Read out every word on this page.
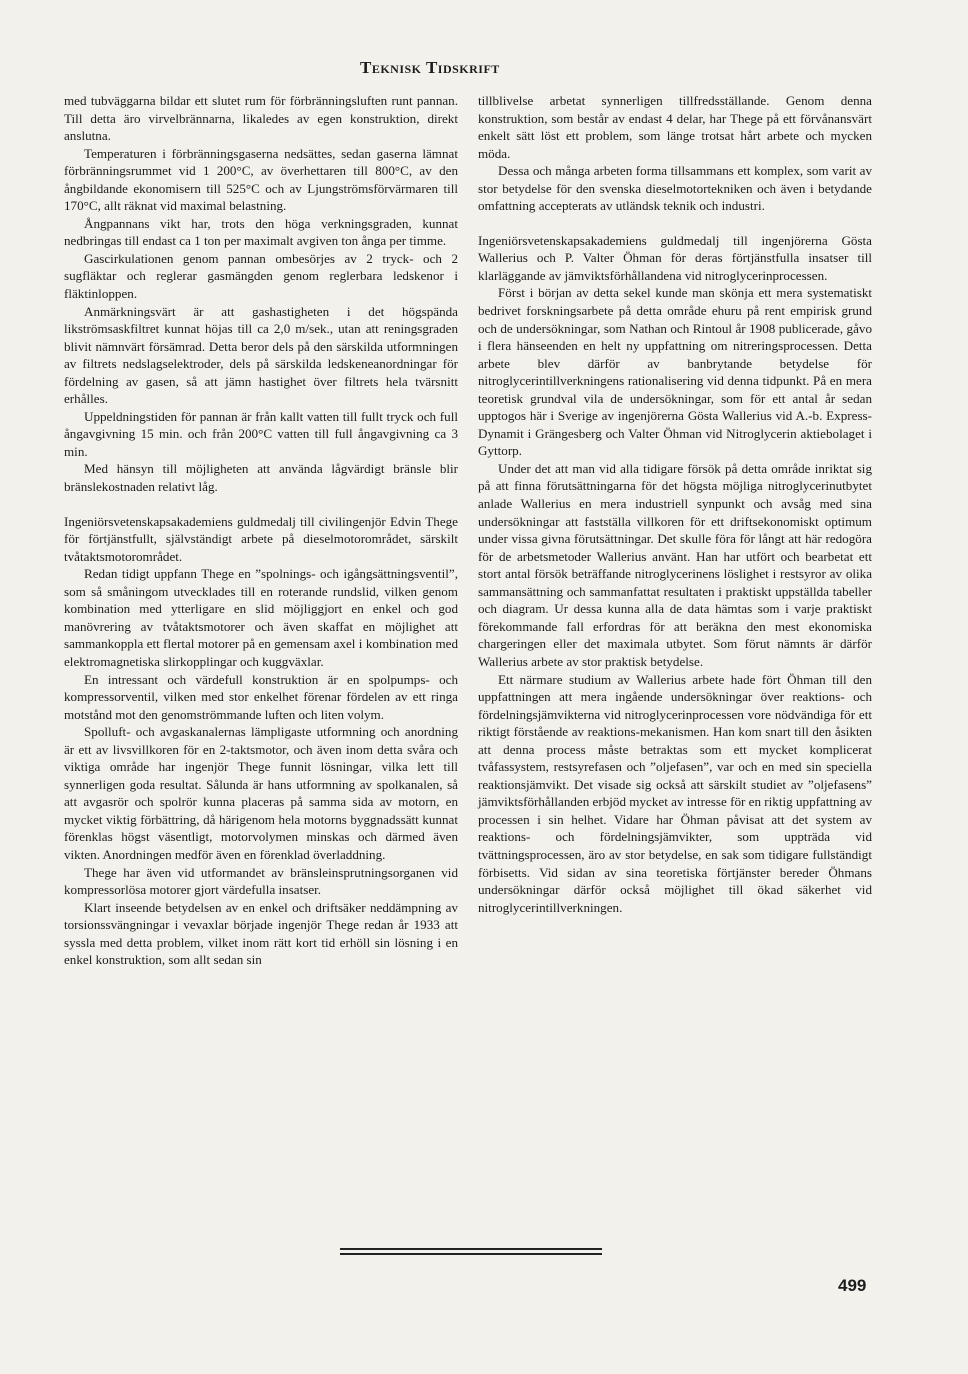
Teknisk Tidskrift

med tubväggarna bildar ett slutet rum för förbränningsluften runt pannan. Till detta äro virvelbrännarna, likaledes av egen konstruktion, direkt anslutna.

Temperaturen i förbränningsgaserna nedsättes, sedan gaserna lämnat förbränningsrummet vid 1 200°C, av överhettaren till 800°C, av den ångbildande ekonomisern till 525°C och av Ljungströmsförvärmaren till 170°C, allt räknat vid maximal belastning.

Ångpannans vikt har, trots den höga verkningsgraden, kunnat nedbringas till endast ca 1 ton per maximalt avgiven ton ånga per timme.

Gascirkulationen genom pannan ombesörjes av 2 tryck- och 2 sugfläktar och reglerar gasmängden genom reglerbara ledskenor i fläktinloppen.

Anmärkningsvärt är att gashastigheten i det högspända likströmsaskfiltret kunnat höjas till ca 2,0 m/sek., utan att reningsgraden blivit nämnvärt försämrad. Detta beror dels på den särskilda utformningen av filtrets nedslagselektroder, dels på särskilda ledskeneanordningar för fördelning av gasen, så att jämn hastighet över filtrets hela tvärsnitt erhålles.

Uppeldningstiden för pannan är från kallt vatten till fullt tryck och full ångavgivning 15 min. och från 200°C vatten till full ångavgivning ca 3 min.

Med hänsyn till möjligheten att använda lågvärdigt bränsle blir bränslekostnaden relativt låg.

Ingeniörsvetenskapsakademiens guldmedalj till civilingenjör Edvin Thege för förtjänstfullt, självständigt arbete på dieselmotorområdet, särskilt tvåtaktsmotorområdet.

Redan tidigt uppfann Thege en ”spolnings- och igångsättningsventil”, som så småningom utvecklades till en roterande rundslid, vilken genom kombination med ytterligare en slid möjliggjort en enkel och god manövrering av tvåtaktsmotorer och även skaffat en möjlighet att sammankoppla ett flertal motorer på en gemensam axel i kombination med elektromagnetiska slirkopplingar och kuggväxlar.

En intressant och värdefull konstruktion är en spolpumps- och kompressorventil, vilken med stor enkelhet förenar fördelen av ett ringa motstånd mot den genomströmmande luften och liten volym.

Spolluft- och avgaskanalernas lämpligaste utformning och anordning är ett av livsvillkoren för en 2-taktsmotor, och även inom detta svåra och viktiga område har ingenjör Thege funnit lösningar, vilka lett till synnerligen goda resultat. Sålunda är hans utformning av spolkanalen, så att avgasrör och spolrör kunna placeras på samma sida av motorn, en mycket viktig förbättring, då härigenom hela motorns byggnadssätt kunnat förenklas högst väsentligt, motorvolymen minskas och därmed även vikten. Anordningen medför även en förenklad överladdning.

Thege har även vid utformandet av bränsleinsprutningsorganen vid kompressorlösa motorer gjort värdefulla insatser.

Klart inseende betydelsen av en enkel och driftsäker neddämpning av torsionssvängningar i vevaxlar började ingenjör Thege redan år 1933 att syssla med detta problem, vilket inom rätt kort tid erhöll sin lösning i en enkel konstruktion, som allt sedan sin

tillblivelse arbetat synnerligen tillfredsställande. Genom denna konstruktion, som består av endast 4 delar, har Thege på ett förvånansvärt enkelt sätt löst ett problem, som länge trotsat hårt arbete och mycken möda.

Dessa och många arbeten forma tillsammans ett komplex, som varit av stor betydelse för den svenska dieselmotortekniken och även i betydande omfattning accepterats av utländsk teknik och industri.

Ingeniörsvetenskapsakademiens guldmedalj till ingenjörerna Gösta Wallerius och P. Valter Öhman för deras förtjänstfulla insatser till klarläggande av jämviktsförhållandena vid nitroglycerinprocessen.

Först i början av detta sekel kunde man skönja ett mera systematiskt bedrivet forskningsarbete på detta område ehuru på rent empirisk grund och de undersökningar, som Nathan och Rintoul år 1908 publicerade, gåvo i flera hänseenden en helt ny uppfattning om nitreringsprocessen. Detta arbete blev därför av banbrytande betydelse för nitroglycerintillverkningens rationalisering vid denna tidpunkt. På en mera teoretisk grundval vila de undersökningar, som för ett antal år sedan upptogos här i Sverige av ingenjörerna Gösta Wallerius vid A.-b. Express-Dynamit i Grängesberg och Valter Öhman vid Nitroglycerin aktiebolaget i Gyttorp.

Under det att man vid alla tidigare försök på detta område inriktat sig på att finna förutsättningarna för det högsta möjliga nitroglycerinutbytet anlade Wallerius en mera industriell synpunkt och avsåg med sina undersökningar att fastställa villkoren för ett driftsekonomiskt optimum under vissa givna förutsättningar. Det skulle föra för långt att här redogöra för de arbetsmetoder Wallerius använt. Han har utfört och bearbetat ett stort antal försök beträffande nitroglycerinens löslighet i restsyror av olika sammansättning och sammanfattat resultaten i praktiskt uppställda tabeller och diagram. Ur dessa kunna alla de data hämtas som i varje praktiskt förekommande fall erfordras för att beräkna den mest ekonomiska chargeringen eller det maximala utbytet. Som förut nämnts är därför Wallerius arbete av stor praktisk betydelse.

Ett närmare studium av Wallerius arbete hade fört Öhman till den uppfattningen att mera ingående undersökningar över reaktions- och fördelningsjämvikterna vid nitroglycerinprocessen vore nödvändiga för ett riktigt förstående av reaktions-mekanismen. Han kom snart till den åsikten att denna process måste betraktas som ett mycket komplicerat tvåfassystem, restsyrefasen och ”oljefasen”, var och en med sin speciella reaktionsjämvikt. Det visade sig också att särskilt studiet av ”oljefasens” jämviktsförhållanden erbjöd mycket av intresse för en riktig uppfattning av processen i sin helhet. Vidare har Öhman påvisat att det system av reaktions- och fördelningsjämvikter, som uppträda vid tvättningsprocessen, äro av stor betydelse, en sak som tidigare fullständigt förbisetts. Vid sidan av sina teoretiska förtjänster bereder Öhmans undersökningar därför också möjlighet till ökad säkerhet vid nitroglycerintillverkningen.

499
